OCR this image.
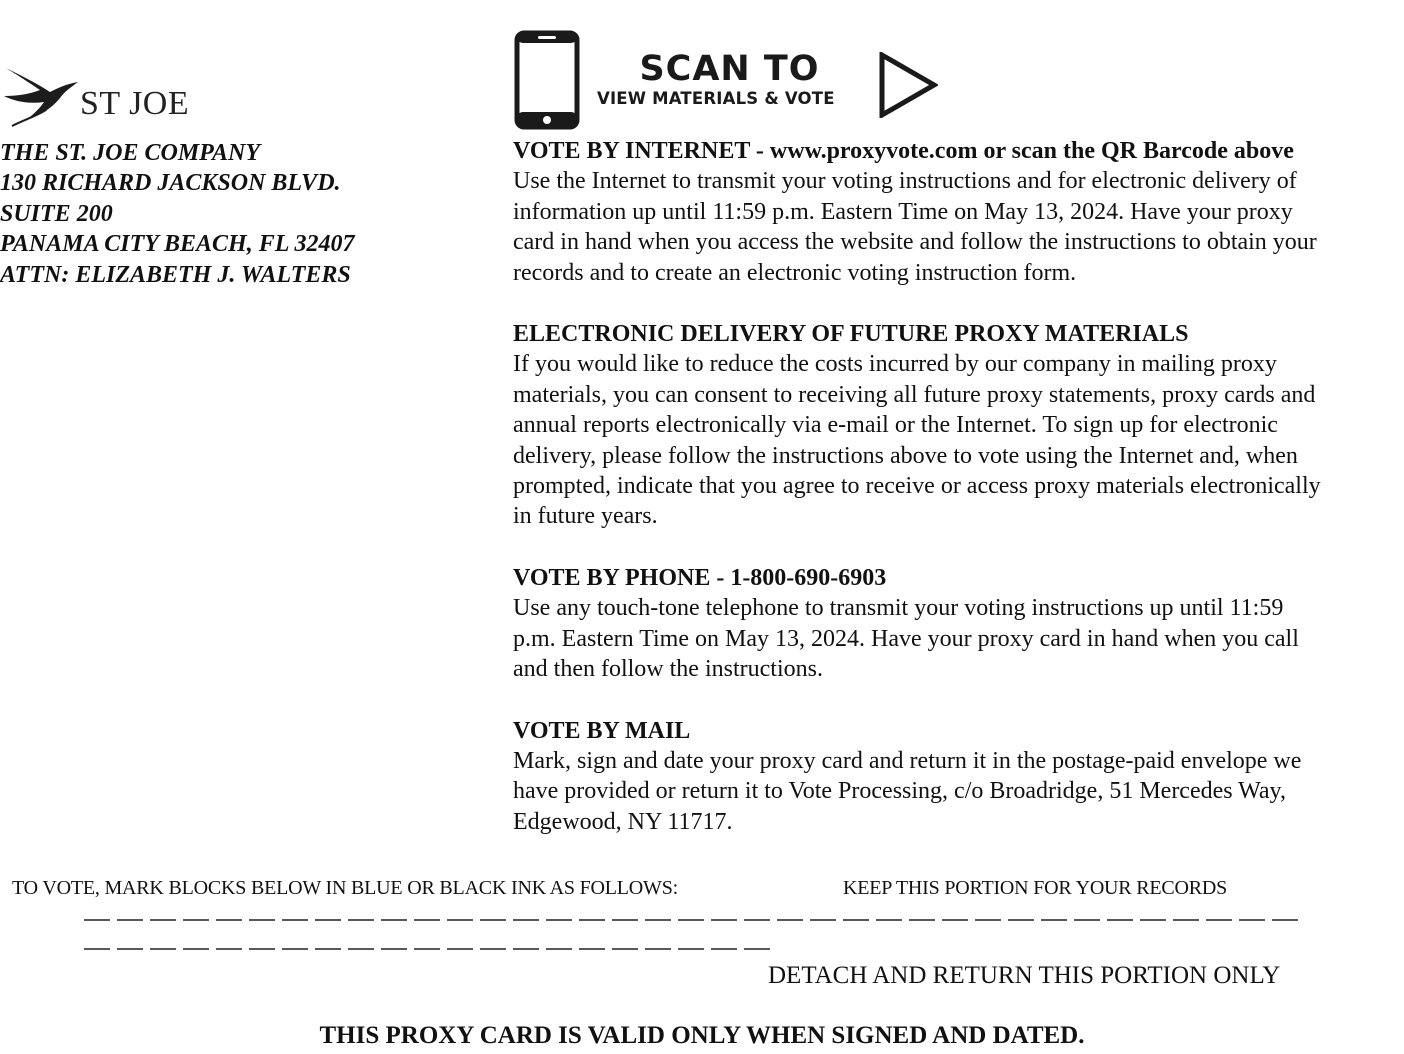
ST JOE
THE ST. JOE COMPANY
130 RICHARD JACKSON BLVD.
SUITE 200
PANAMA CITY BEACH, FL 32407
ATTN: ELIZABETH J. WALTERS
SCAN TO
VIEW MATERIALS & VOTE
VOTE BY INTERNET - www.proxyvote.com or scan the QR Barcode above
Use the Internet to transmit your voting instructions and for electronic delivery of
information up until 11:59 p.m. Eastern Time on May 13, 2024. Have your proxy
card in hand when you access the website and follow the instructions to obtain your
records and to create an electronic voting instruction form.
ELECTRONIC DELIVERY OF FUTURE PROXY MATERIALS
If you would like to reduce the costs incurred by our company in mailing proxy
materials, you can consent to receiving all future proxy statements, proxy cards and
annual reports electronically via e-mail or the Internet. To sign up for electronic
delivery, please follow the instructions above to vote using the Internet and, when
prompted, indicate that you agree to receive or access proxy materials electronically
in future years.
VOTE BY PHONE - 1-800-690-6903
Use any touch-tone telephone to transmit your voting instructions up until 11:59
p.m. Eastern Time on May 13, 2024. Have your proxy card in hand when you call
and then follow the instructions.
VOTE BY MAIL
Mark, sign and date your proxy card and return it in the postage-paid envelope we
have provided or return it to Vote Processing, c/o Broadridge, 51 Mercedes Way,
Edgewood, NY 11717.
TO VOTE, MARK BLOCKS BELOW IN BLUE OR BLACK INK AS FOLLOWS:	KEEP THIS PORTION FOR YOUR RECORDS
DETACH AND RETURN THIS PORTION ONLY
THIS PROXY CARD IS VALID ONLY WHEN SIGNED AND DATED.
